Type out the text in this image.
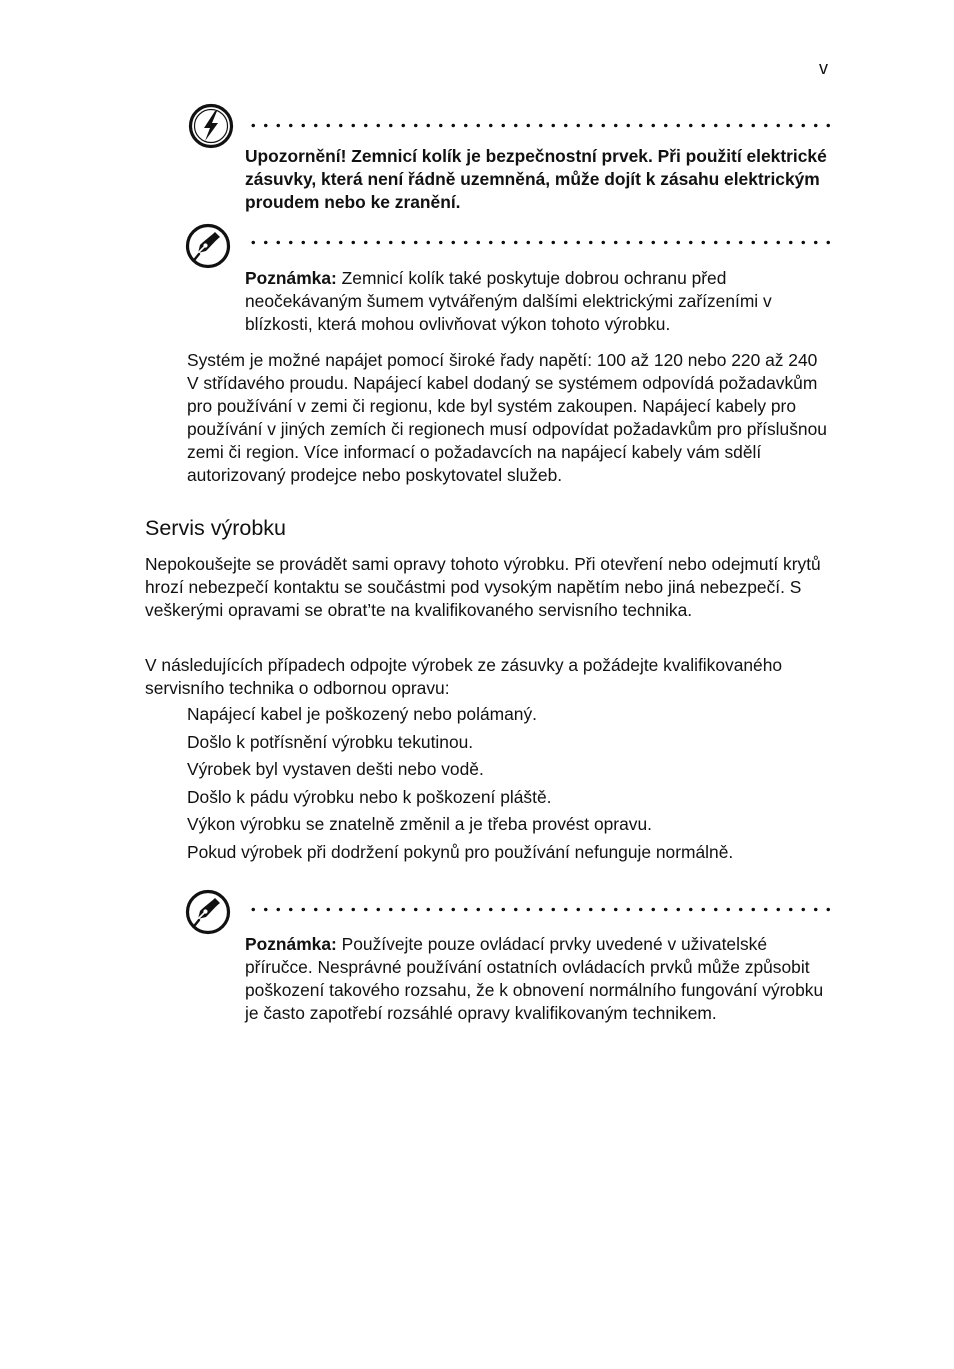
v

Upozornění! Zemnicí kolík je bezpečnostní prvek. Při použití elektrické zásuvky, která není řádně uzemněná, může dojít k zásahu elektrickým proudem nebo ke zranění.

Poznámka: Zemnicí kolík také poskytuje dobrou ochranu před neočekávaným šumem vytvářeným dalšími elektrickými zařízeními v blízkosti, která mohou ovlivňovat výkon tohoto výrobku.

Systém je možné napájet pomocí široké řady napětí: 100 až 120 nebo 220 až 240 V střídavého proudu. Napájecí kabel dodaný se systémem odpovídá požadavkům pro používání v zemi či regionu, kde byl systém zakoupen. Napájecí kabely pro používání v jiných zemích či regionech musí odpovídat požadavkům pro příslušnou zemi či region. Více informací o požadavcích na napájecí kabely vám sdělí autorizovaný prodejce nebo poskytovatel služeb.

Servis výrobku

Nepokoušejte se provádět sami opravy tohoto výrobku. Při otevření nebo odejmutí krytů hrozí nebezpečí kontaktu se součástmi pod vysokým napětím nebo jiná nebezpečí. S veškerými opravami se obrat’te na kvalifikovaného servisního technika.

V následujících případech odpojte výrobek ze zásuvky a požádejte kvalifikovaného servisního technika o odbornou opravu:

Napájecí kabel je poškozený nebo polámaný.
Došlo k potřísnění výrobku tekutinou.
Výrobek byl vystaven dešti nebo vodě.
Došlo k pádu výrobku nebo k poškození pláště.
Výkon výrobku se znatelně změnil a je třeba provést opravu.
Pokud výrobek při dodržení pokynů pro používání nefunguje normálně.

Poznámka: Používejte pouze ovládací prvky uvedené v uživatelské příručce. Nesprávné používání ostatních ovládacích prvků může způsobit poškození takového rozsahu, že k obnovení normálního fungování výrobku je často zapotřebí rozsáhlé opravy kvalifikovaným technikem.
